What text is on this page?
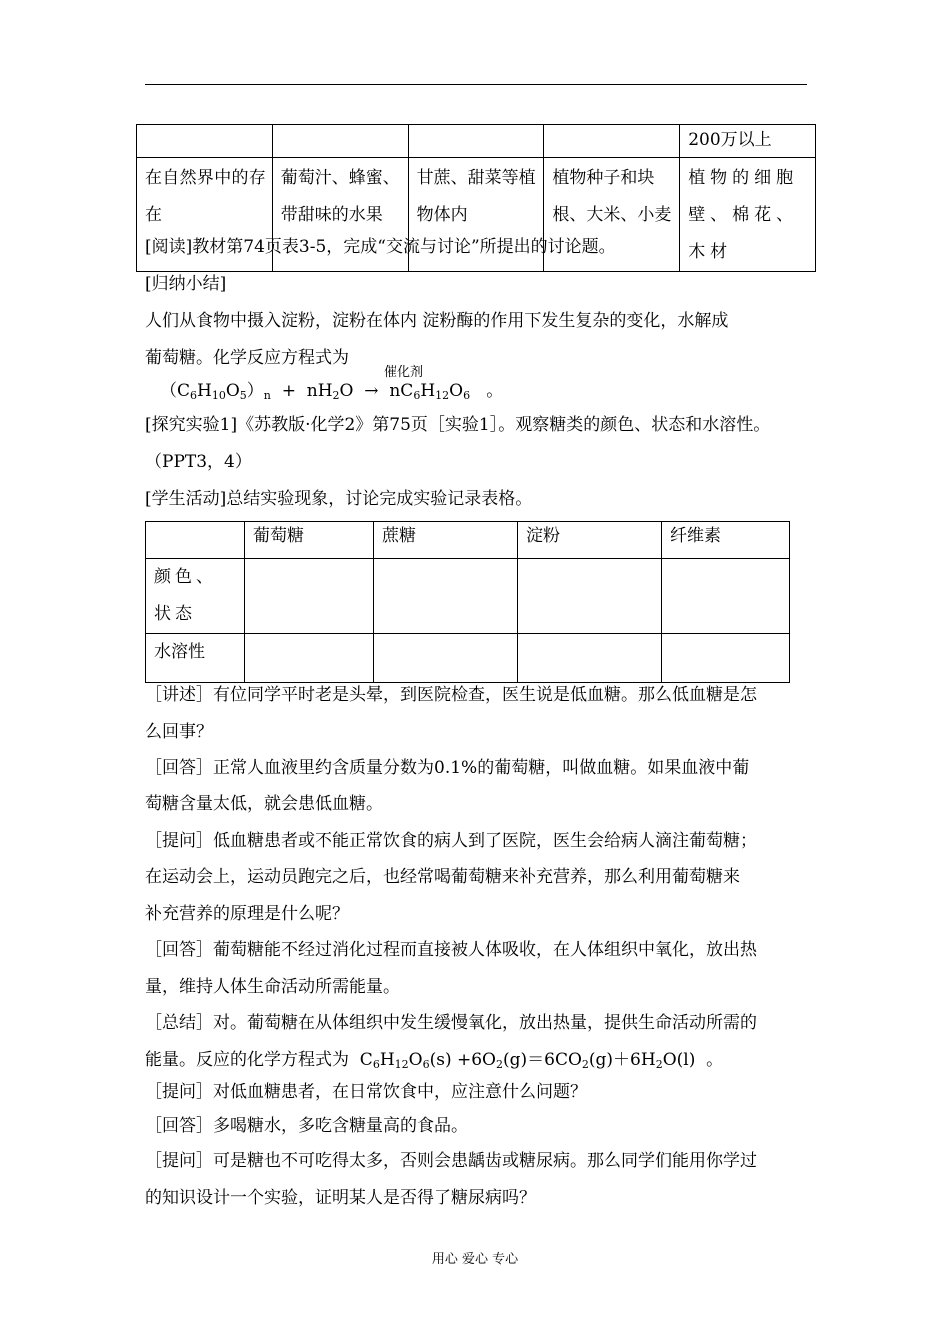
				200万以上
在自然界中的存在	葡萄汁、蜂蜜、带甜味的水果	甘蔗、甜菜等植物体内	植物种子和块根、大米、小麦	植物的细胞壁、棉花、木材
[阅读]教材第74页表3-5，完成“交流与讨论”所提出的讨论题。
[归纳小结]
人们从食物中摄入淀粉，淀粉在体内 淀粉酶的作用下发生复杂的变化，水解成
葡萄糖。化学反应方程式为
催化剂
$(C_6H_{10}O_5)_n + nH_2O \to nC_6H_{12}O_6$ 。
[探究实验1]《苏教版·化学2》第75页［实验1］。观察糖类的颜色、状态和水溶性。
（PPT3，4）
[学生活动]总结实验现象，讨论完成实验记录表格。
	葡萄糖	蔗糖	淀粉	纤维素
颜色、状态				
水溶性				
［讲述］有位同学平时老是头晕，到医院检查，医生说是低血糖。那么低血糖是怎
么回事？
［回答］正常人血液里约含质量分数为0.1%的葡萄糖，叫做血糖。如果血液中葡
萄糖含量太低，就会患低血糖。
［提问］低血糖患者或不能正常饮食的病人到了医院，医生会给病人滴注葡萄糖；
在运动会上，运动员跑完之后，也经常喝葡萄糖来补充营养，那么利用葡萄糖来
补充营养的原理是什么呢？
［回答］葡萄糖能不经过消化过程而直接被人体吸收，在人体组织中氧化，放出热
量，维持人体生命活动所需能量。
［总结］对。葡萄糖在从体组织中发生缓慢氧化，放出热量，提供生命活动所需的
能量。反应的化学方程式为  $C_6H_{12}O_6(s) +6O_2(g)=6CO_2(g)+6H_2O(l)$  。
［提问］对低血糖患者，在日常饮食中，应注意什么问题？
［回答］多喝糖水，多吃含糖量高的食品。
［提问］可是糖也不可吃得太多，否则会患龋齿或糖尿病。那么同学们能用你学过
的知识设计一个实验，证明某人是否得了糖尿病吗？
用心 爱心 专心
